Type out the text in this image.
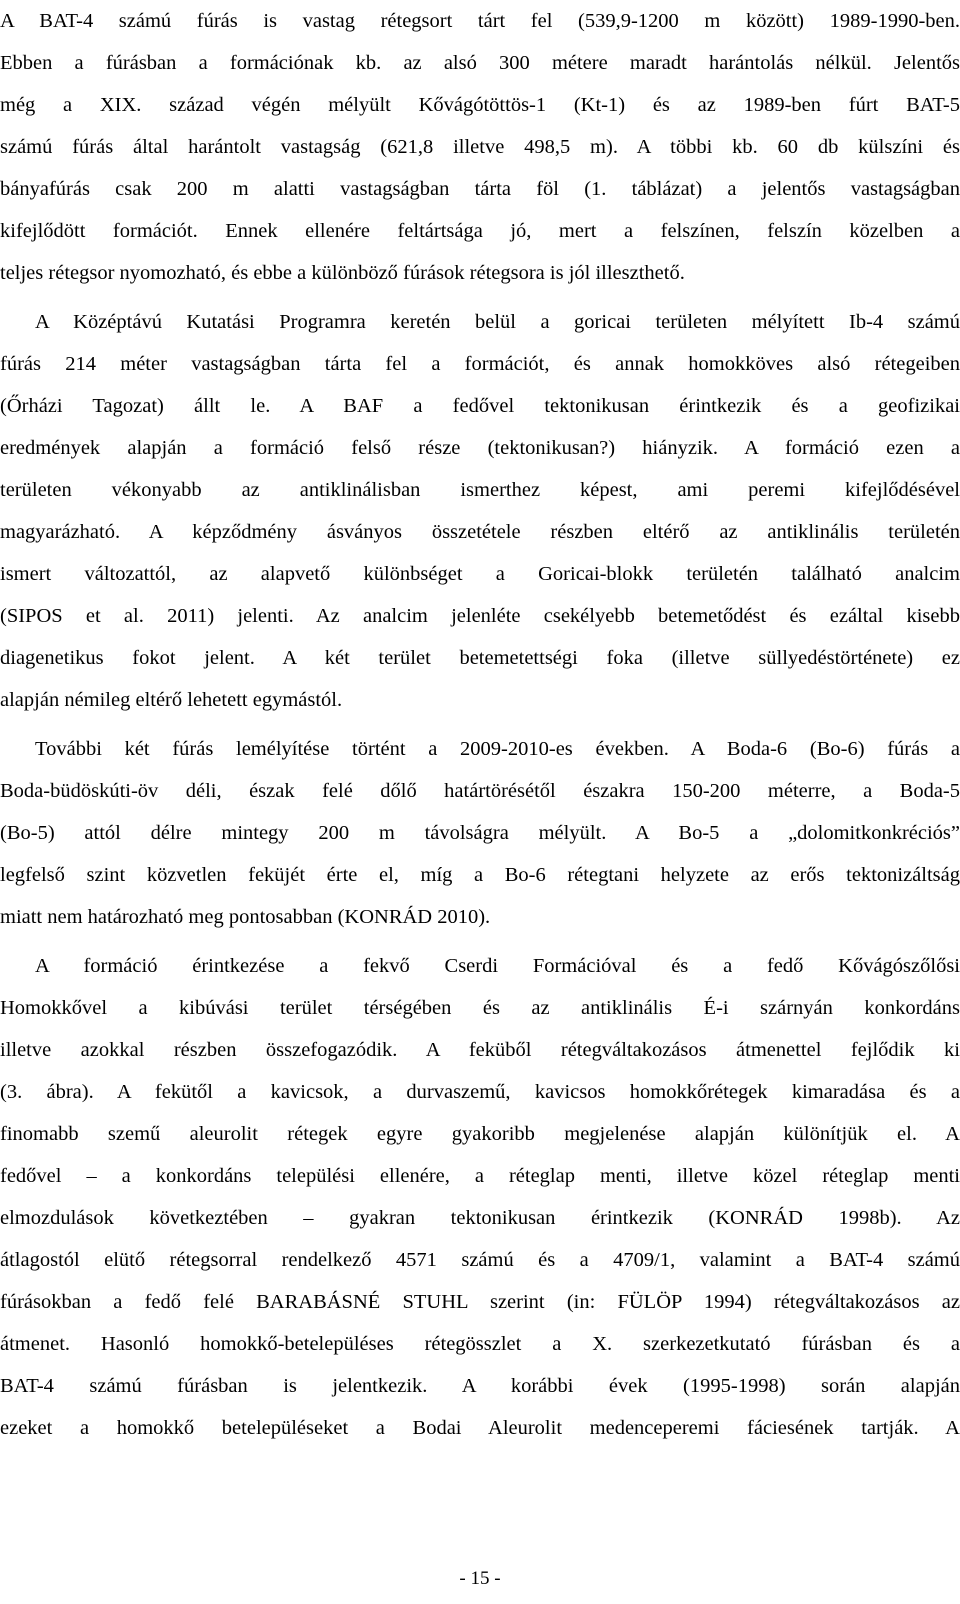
A BAT-4 számú fúrás is vastag rétegsort tárt fel (539,9-1200 m között) 1989-1990-ben.
Ebben a fúrásban a formációnak kb. az alsó 300 métere maradt harántolás nélkül. Jelentős
még a XIX. század végén mélyült Kővágótöttös-1 (Kt-1) és az 1989-ben fúrt BAT-5
számú fúrás által harántolt vastagság (621,8 illetve 498,5 m). A többi kb. 60 db külszíni és
bányafúrás csak 200 m alatti vastagságban tárta föl (1. táblázat) a jelentős vastagságban
kifejlődött formációt. Ennek ellenére feltártsága jó, mert a felszínen, felszín közelben a
teljes rétegsor nyomozható, és ebbe a különböző fúrások rétegsora is jól illeszthető.
A Középtávú Kutatási Programra keretén belül a goricai területen mélyített Ib-4 számú
fúrás 214 méter vastagságban tárta fel a formációt, és annak homokköves alsó rétegeiben
(Őrházi Tagozat) állt le. A BAF a fedővel tektonikusan érintkezik és a geofizikai
eredmények alapján a formáció felső része (tektonikusan?) hiányzik. A formáció ezen a
területen vékonyabb az antiklinálisban ismerthez képest, ami peremi kifejlődésével
magyarázható. A képződmény ásványos összetétele részben eltérő az antiklinális területén
ismert változattól, az alapvető különbséget a Goricai-blokk területén található analcim
(SIPOS et al. 2011) jelenti. Az analcim jelenléte csekélyebb betemetődést és ezáltal kisebb
diagenetikus fokot jelent. A két terület betemetettségi foka (illetve süllyedéstörténete) ez
alapján némileg eltérő lehetett egymástól.
További két fúrás lemélyítése történt a 2009-2010-es években. A Boda-6 (Bo-6) fúrás a
Boda-büdöskúti-öv déli, észak felé dőlő határtörésétől északra 150-200 méterre, a Boda-5
(Bo-5) attól délre mintegy 200 m távolságra mélyült. A Bo-5 a „dolomitkonkréciós”
legfelső szint közvetlen feküjét érte el, míg a Bo-6 rétegtani helyzete az erős tektonizáltság
miatt nem határozható meg pontosabban (KONRÁD 2010).
A formáció érintkezése a fekvő Cserdi Formációval és a fedő Kővágószőlősi
Homokkővel a kibúvási terület térségében és az antiklinális É-i szárnyán konkordáns
illetve azokkal részben összefogazódik. A feküből rétegváltakozásos átmenettel fejlődik ki
(3. ábra). A fekütől a kavicsok, a durvaszemű, kavicsos homokkőrétegek kimaradása és a
finomabb szemű aleurolit rétegek egyre gyakoribb megjelenése alapján különítjük el. A
fedővel – a konkordáns települési ellenére, a réteglap menti, illetve közel réteglap menti
elmozdulások következtében – gyakran tektonikusan érintkezik (KONRÁD 1998b). Az
átlagostól elütő rétegsorral rendelkező 4571 számú és a 4709/1, valamint a BAT-4 számú
fúrásokban a fedő felé BARABÁSNÉ STUHL szerint (in: FÜLÖP 1994) rétegváltakozásos az
átmenet. Hasonló homokkő-betelepüléses rétegösszlet a X. szerkezetkutató fúrásban és a
BAT-4 számú fúrásban is jelentkezik. A korábbi évek (1995-1998) során alapján
ezeket a homokkő betelepüléseket a Bodai Aleurolit medenceperemi fáciesének tartják. A
- 15 -
